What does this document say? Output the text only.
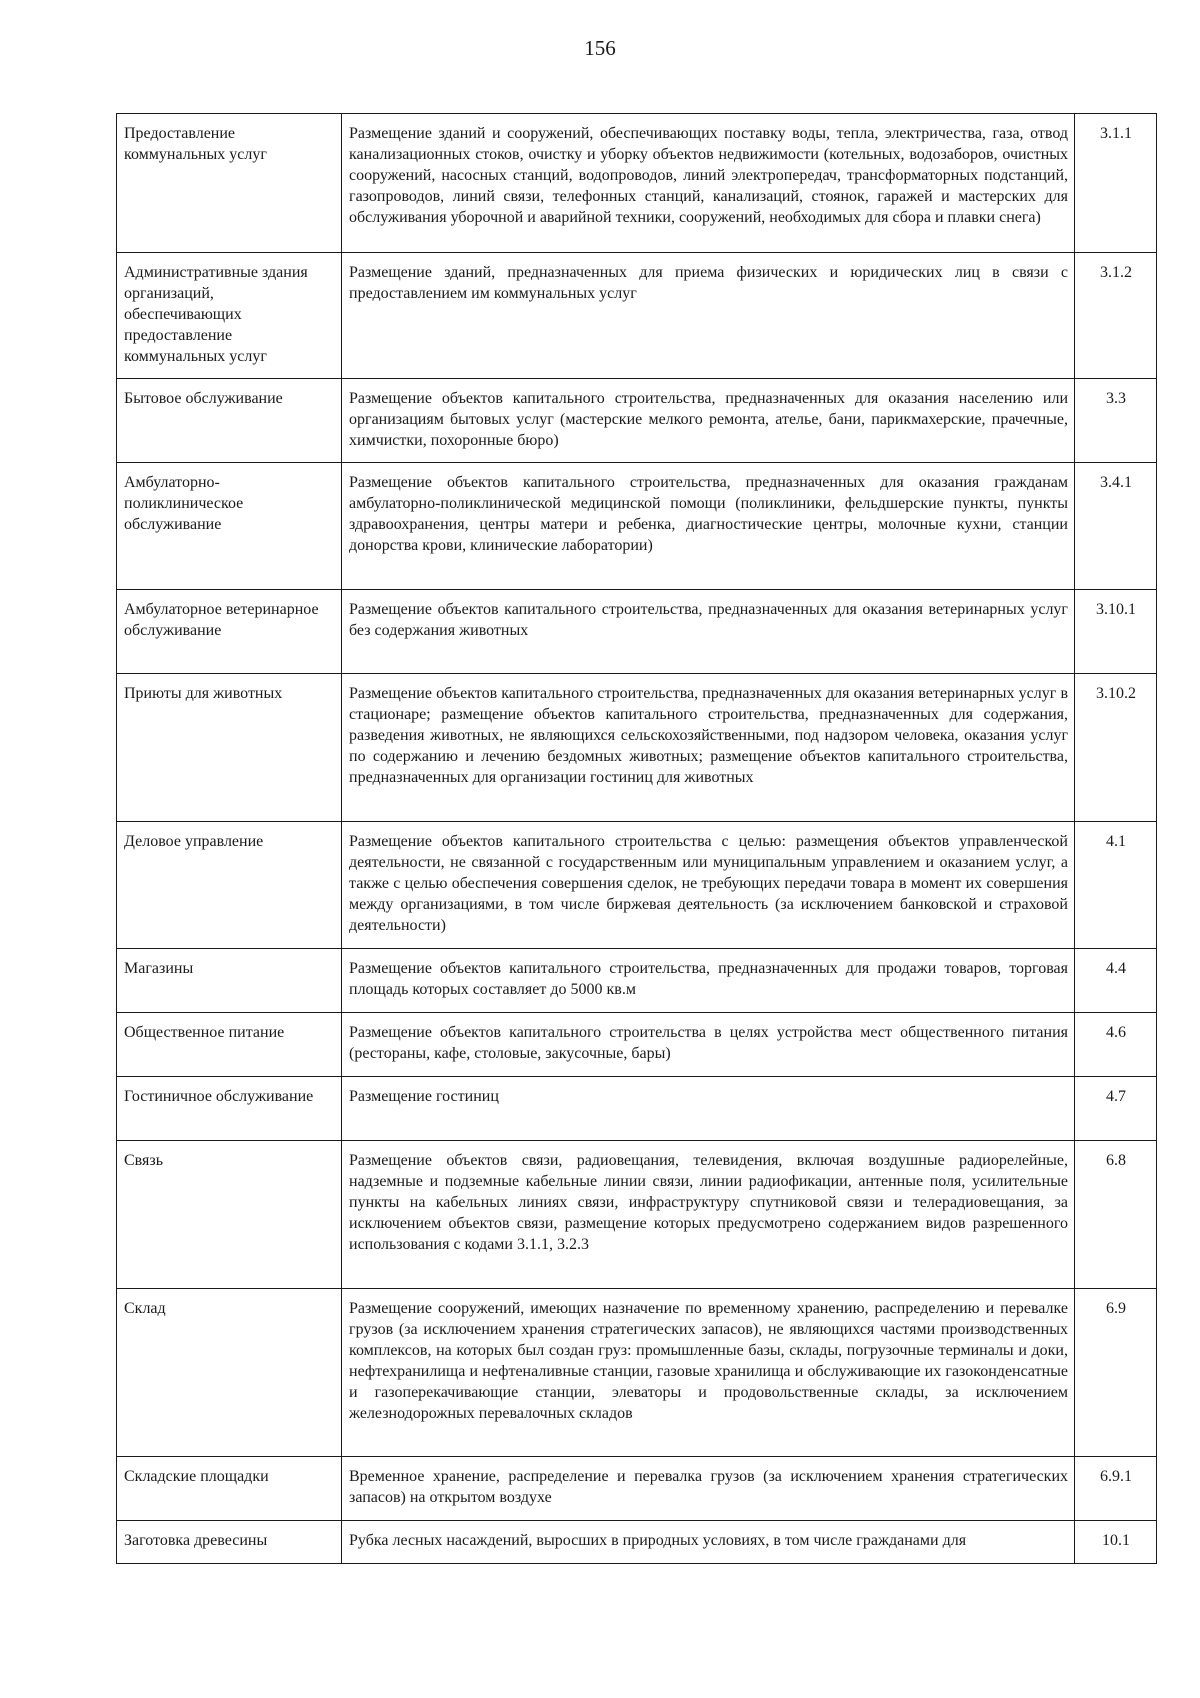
156
Предоставление коммунальных услуг	Размещение зданий и сооружений, обеспечивающих поставку воды, тепла, электричества, газа, отвод канализационных стоков, очистку и уборку объектов недвижимости (котельных, водозаборов, очистных сооружений, насосных станций, водопроводов, линий электропередач, трансформаторных подстанций, газопроводов, линий связи, телефонных станций, канализаций, стоянок, гаражей и мастерских для обслуживания уборочной и аварийной техники, сооружений, необходимых для сбора и плавки снега)	3.1.1
Административные здания организаций, обеспечивающих предоставление коммунальных услуг	Размещение зданий, предназначенных для приема физических и юридических лиц в связи с предоставлением им коммунальных услуг	3.1.2
Бытовое обслуживание	Размещение объектов капитального строительства, предназначенных для оказания населению или организациям бытовых услуг (мастерские мелкого ремонта, ателье, бани, парикмахерские, прачечные, химчистки, похоронные бюро)	3.3
Амбулаторно-поликлиническое обслуживание	Размещение объектов капитального строительства, предназначенных для оказания гражданам амбулаторно-поликлинической медицинской помощи (поликлиники, фельдшерские пункты, пункты здравоохранения, центры матери и ребенка, диагностические центры, молочные кухни, станции донорства крови, клинические лаборатории)	3.4.1
Амбулаторное ветеринарное обслуживание	Размещение объектов капитального строительства, предназначенных для оказания ветеринарных услуг без содержания животных	3.10.1
Приюты для животных	Размещение объектов капитального строительства, предназначенных для оказания ветеринарных услуг в стационаре; размещение объектов капитального строительства, предназначенных для содержания, разведения животных, не являющихся сельскохозяйственными, под надзором человека, оказания услуг по содержанию и лечению бездомных животных; размещение объектов капитального строительства, предназначенных для организации гостиниц для животных	3.10.2
Деловое управление	Размещение объектов капитального строительства с целью: размещения объектов управленческой деятельности, не связанной с государственным или муниципальным управлением и оказанием услуг, а также с целью обеспечения совершения сделок, не требующих передачи товара в момент их совершения между организациями, в том числе биржевая деятельность (за исключением банковской и страховой деятельности)	4.1
Магазины	Размещение объектов капитального строительства, предназначенных для продажи товаров, торговая площадь которых составляет до 5000 кв.м	4.4
Общественное питание	Размещение объектов капитального строительства в целях устройства мест общественного питания (рестораны, кафе, столовые, закусочные, бары)	4.6
Гостиничное обслуживание	Размещение гостиниц	4.7
Связь	Размещение объектов связи, радиовещания, телевидения, включая воздушные радиорелейные, надземные и подземные кабельные линии связи, линии радиофикации, антенные поля, усилительные пункты на кабельных линиях связи, инфраструктуру спутниковой связи и телерадиовещания, за исключением объектов связи, размещение которых предусмотрено содержанием видов разрешенного использования с кодами 3.1.1, 3.2.3	6.8
Склад	Размещение сооружений, имеющих назначение по временному хранению, распределению и перевалке грузов (за исключением хранения стратегических запасов), не являющихся частями производственных комплексов, на которых был создан груз: промышленные базы, склады, погрузочные терминалы и доки, нефтехранилища и нефтеналивные станции, газовые хранилища и обслуживающие их газоконденсатные и газоперекачивающие станции, элеваторы и продовольственные склады, за исключением железнодорожных перевалочных складов	6.9
Складские площадки	Временное хранение, распределение и перевалка грузов (за исключением хранения стратегических запасов) на открытом воздухе	6.9.1
Заготовка древесины	Рубка лесных насаждений, выросших в природных условиях, в том числе гражданами для	10.1
